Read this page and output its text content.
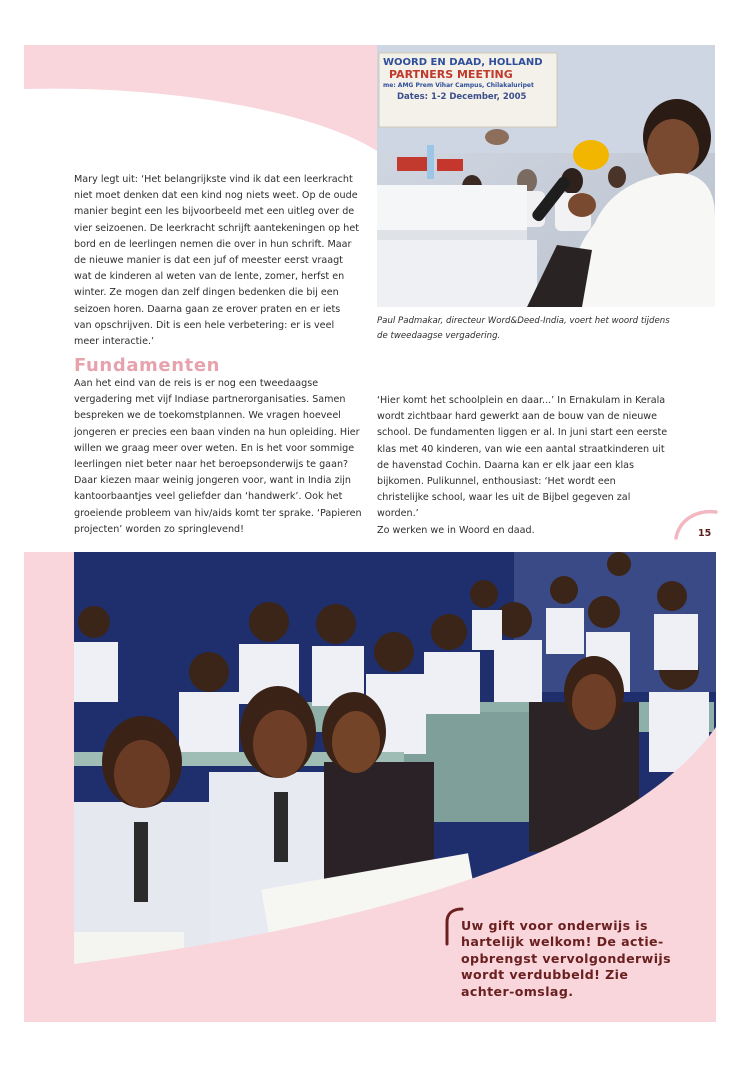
WOORD EN DAAD, HOLLAND
PARTNERS MEETING
me: AMG Prem Vihar Campus, Chilakaluripet
Dates: 1-2 December, 2005

Mary legt uit: ‘Het belangrijkste vind ik dat een leerkracht niet moet denken dat een kind nog niets weet. Op de oude manier begint een les bijvoorbeeld met een uitleg over de vier seizoenen. De leerkracht schrijft aantekeningen op het bord en de leerlingen nemen die over in hun schrift. Maar de nieuwe manier is dat een juf of meester eerst vraagt wat de kinderen al weten van de lente, zomer, herfst en winter. Ze mogen dan zelf dingen bedenken die bij een seizoen horen. Daarna gaan ze erover praten en er iets van opschrijven. Dit is een hele verbetering: er is veel meer interactie.’

Paul Padmakar, directeur Word&Deed-India, voert het woord tijdens de tweedaagse vergadering.
Fundamenten

Aan het eind van de reis is er nog een tweedaagse vergadering met vijf Indiase partnerorganisaties. Samen bespreken we de toekomstplannen. We vragen hoeveel jongeren er precies een baan vinden na hun opleiding. Hier willen we graag meer over weten. En is het voor sommige leerlingen niet beter naar het beroepsonderwijs te gaan? Daar kiezen maar weinig jongeren voor, want in India zijn kantoorbaantjes veel geliefder dan ‘handwerk’. Ook het groeiende probleem van hiv/aids komt ter sprake. ‘Papieren projecten’ worden zo springlevend!

‘Hier komt het schoolplein en daar...’ In Ernakulam in Kerala wordt zichtbaar hard gewerkt aan de bouw van de nieuwe school. De fundamenten liggen er al. In juni start een eerste klas met 40 kinderen, van wie een aantal straatkinderen uit de havenstad Cochin. Daarna kan er elk jaar een klas bijkomen. Pulikunnel, enthousiast: ‘Het wordt een christelijke school, waar les uit de Bijbel gegeven zal worden.’

Zo werken we in Woord en daad.	15
Uw gift voor onderwijs is hartelijk welkom! De actie-opbrengst vervolgonderwijs wordt verdubbeld! Zie achter-omslag.
